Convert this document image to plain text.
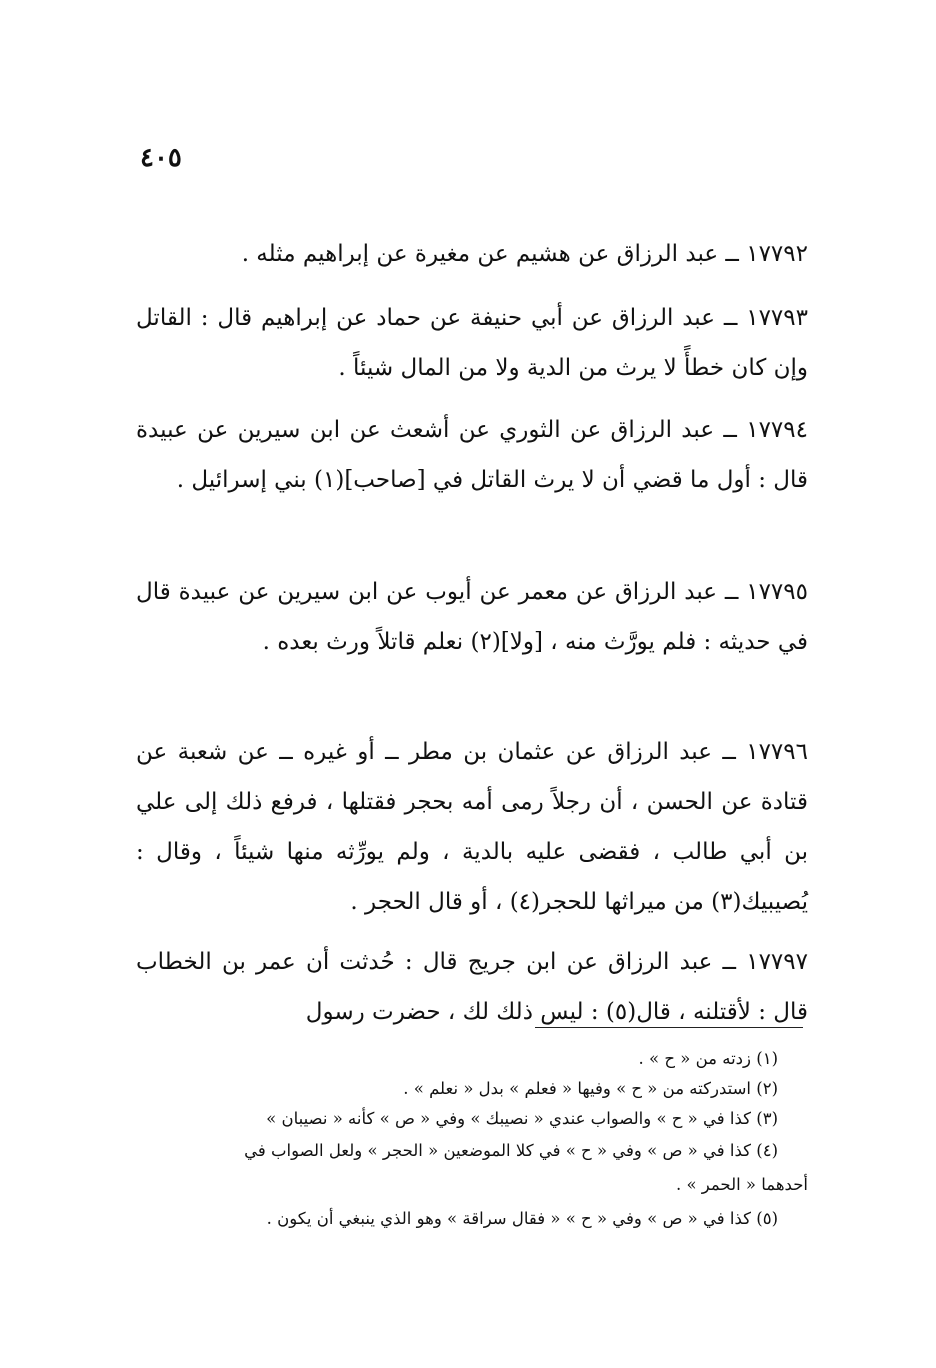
٤٠٥

١٧٧٩٢ ــ عبد الرزاق عن هشيم عن مغيرة عن إبراهيم مثله .

١٧٧٩٣ ــ عبد الرزاق عن أبي حنيفة عن حماد عن إبراهيم قال : القاتل وإن كان خطأً لا يرث من الدية ولا من المال شيئاً .

١٧٧٩٤ ــ عبد الرزاق عن الثوري عن أشعث عن ابن سيرين عن عبيدة قال : أول ما قضي أن لا يرث القاتل في [صاحب](١) بني إسرائيل .

١٧٧٩٥ ــ عبد الرزاق عن معمر عن أيوب عن ابن سيرين عن عبيدة قال في حديثه : فلم يورَّث منه ، [ولا](٢) نعلم قاتلاً ورث بعده .

١٧٧٩٦ ــ عبد الرزاق عن عثمان بن مطر ــ أو غيره ــ عن شعبة عن قتادة عن الحسن ، أن رجلاً رمى أمه بحجر فقتلها ، فرفع ذلك إلى علي بن أبي طالب ، فقضى عليه بالدية ، ولم يورِّثه منها شيئاً ، وقال : يُصيبيك(٣) من ميراثها للحجر(٤) ، أو قال الحجر .

١٧٧٩٧ ــ عبد الرزاق عن ابن جريج قال : حُدثت أن عمر بن الخطاب قال : لأقتلنه ، قال(٥) : ليس ذلك لك ، حضرت رسول

(١) زدته من « ح » .

(٢) استدركته من « ح » وفيها « فعلم » بدل « نعلم » .

(٣) كذا في « ح » والصواب عندي « نصيبك » وفي « ص » كأنه « نصيبان »

(٤) كذا في « ص » وفي « ح » في كلا الموضعين « الحجر » ولعل الصواب في

أحدهما « الحمر » .

(٥) كذا في « ص » وفي « ح » « فقال سراقة » وهو الذي ينبغي أن يكون .
